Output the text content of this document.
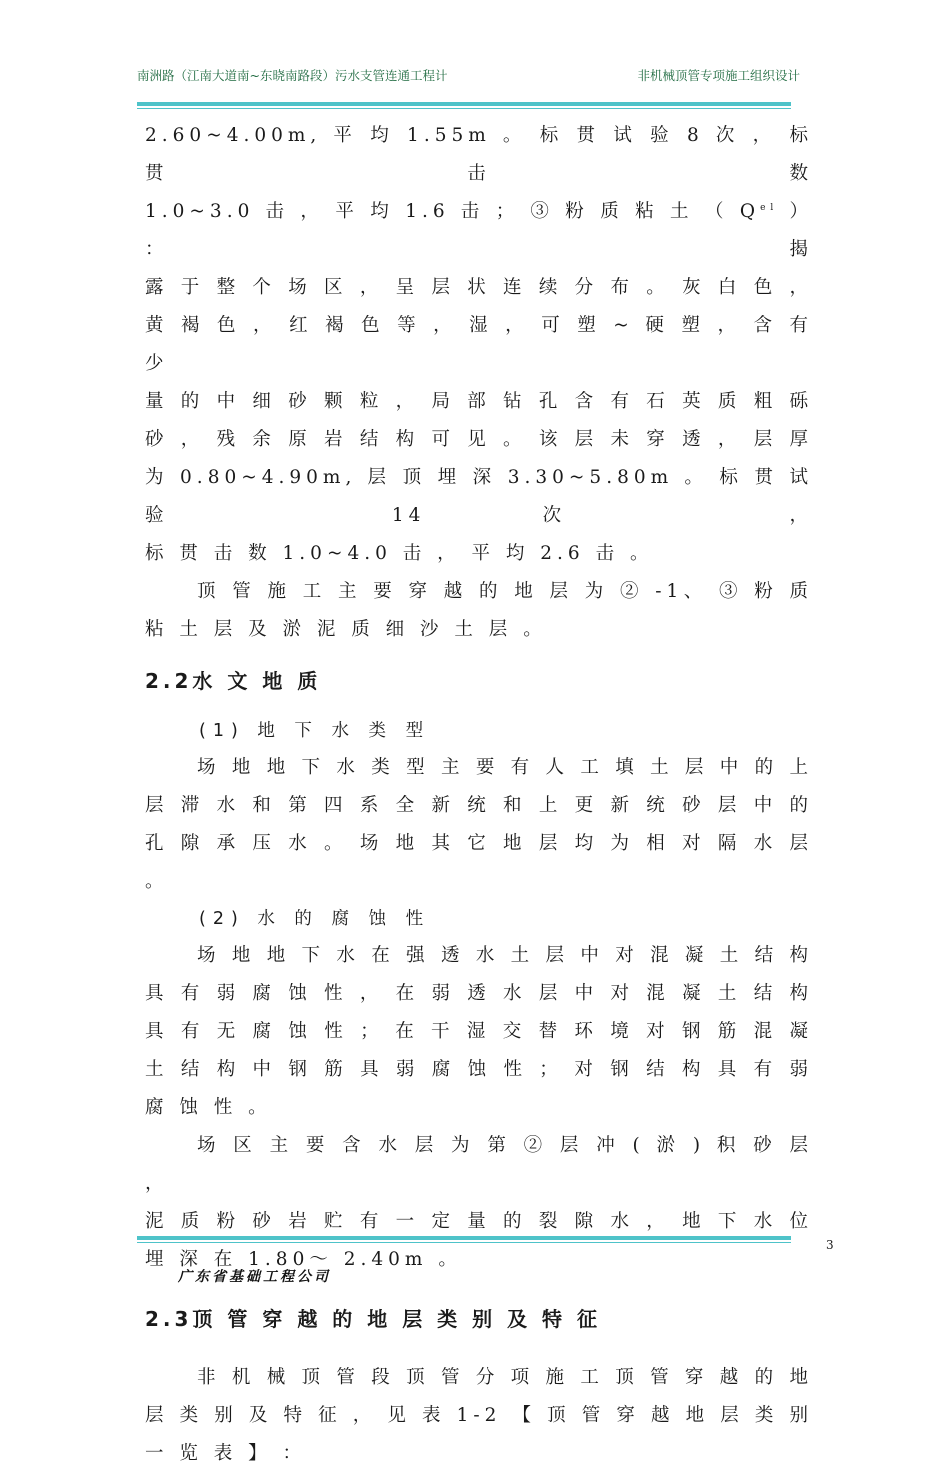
南洲路（江南大道南~东晓南路段）污水支管连通工程计	非机械顶管专项施工组织设计

2.60~4.00m, 平 均 1.55m 。 标 贯 试 验 8 次 ， 标 贯 击 数

1.0~3.0 击 ， 平 均 1.6 击 ； ③ 粉 质 粘 土 （ $Q^{el}$ ） ： 揭

露 于 整 个 场 区 ， 呈 层 状 连 续 分 布 。 灰 白 色 ，

黄 褐 色 ， 红 褐 色 等 ， 湿 ， 可 塑 ~ 硬 塑 ， 含 有 少

量 的 中 细 砂 颗 粒 ， 局 部 钻 孔 含 有 石 英 质 粗 砾

砂 ， 残 余 原 岩 结 构 可 见 。 该 层 未 穿 透 ， 层 厚

为 0.80~4.90m, 层 顶 埋 深 3.30~5.80m 。 标 贯 试 验 14 次 ，

标 贯 击 数 1.0~4.0 击 ， 平 均 2.6 击 。

顶 管 施 工 主 要 穿 越 的 地 层 为 ② -1、 ③ 粉 质

粘 土 层 及 淤 泥 质 细 沙 土 层 。

2.2水 文 地 质

(1) 地 下 水 类 型

场 地 地 下 水 类 型 主 要 有 人 工 填 土 层 中 的 上

层 滞 水 和 第 四 系 全 新 统 和 上 更 新 统 砂 层 中 的

孔 隙 承 压 水 。 场 地 其 它 地 层 均 为 相 对 隔 水 层 。

(2) 水 的 腐 蚀 性

场 地 地 下 水 在 强 透 水 土 层 中 对 混 凝 土 结 构

具 有 弱 腐 蚀 性 ， 在 弱 透 水 层 中 对 混 凝 土 结 构

具 有 无 腐 蚀 性 ； 在 干 湿 交 替 环 境 对 钢 筋 混 凝

土 结 构 中 钢 筋 具 弱 腐 蚀 性 ； 对 钢 结 构 具 有 弱

腐 蚀 性 。

场 区 主 要 含 水 层 为 第 ② 层 冲 ( 淤 ) 积 砂 层 ，

泥 质 粉 砂 岩 贮 有 一 定 量 的 裂 隙 水 ， 地 下 水 位

埋 深 在 1.80～ 2.40m 。

2.3顶 管 穿 越 的 地 层 类 别 及 特 征

非 机 械 顶 管 段 顶 管 分 项 施 工 顶 管 穿 越 的 地

层 类 别 及 特 征 ， 见 表 1-2 【 顶 管 穿 越 地 层 类 别

一 览 表 】 ：

3
广东省基础工程公司
